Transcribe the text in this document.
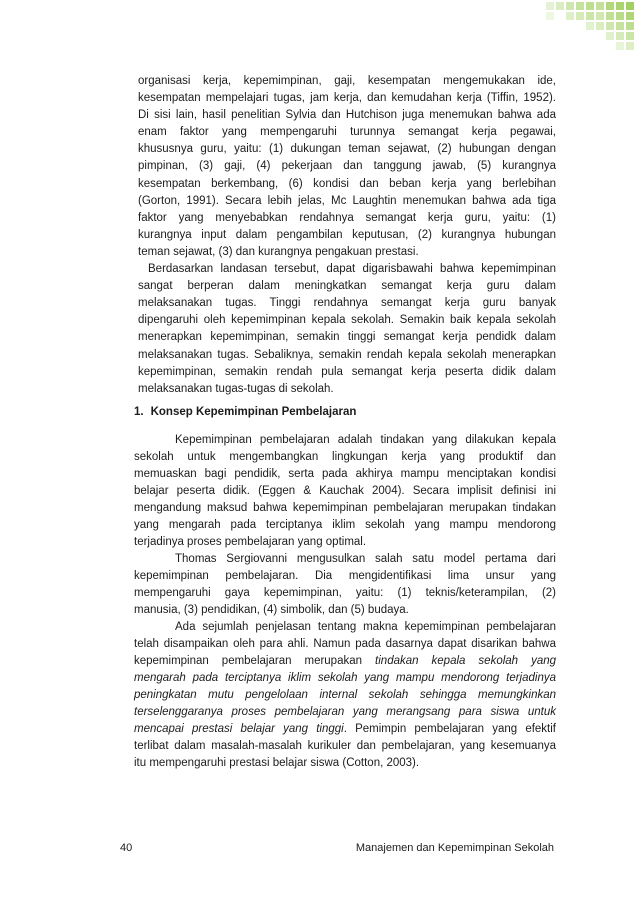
organisasi kerja, kepemimpinan, gaji, kesempatan mengemukakan ide,
kesempatan mempelajari tugas, jam kerja, dan kemudahan kerja (Tiffin, 1952).
Di sisi lain, hasil penelitian Sylvia dan Hutchison juga menemukan bahwa ada
enam faktor yang mempengaruhi turunnya semangat kerja pegawai,
khususnya guru, yaitu: (1) dukungan teman sejawat, (2) hubungan dengan
pimpinan, (3) gaji, (4) pekerjaan dan tanggung jawab, (5) kurangnya
kesempatan berkembang, (6) kondisi dan beban kerja yang berlebihan
(Gorton, 1991). Secara lebih jelas, Mc Laughtin menemukan bahwa ada tiga
faktor yang menyebabkan rendahnya semangat kerja guru, yaitu: (1)
kurangnya input dalam pengambilan keputusan, (2) kurangnya hubungan
teman sejawat, (3) dan kurangnya pengakuan prestasi.
Berdasarkan landasan tersebut, dapat digarisbawahi bahwa kepemimpinan
sangat berperan dalam meningkatkan semangat kerja guru dalam
melaksanakan tugas. Tinggi rendahnya semangat kerja guru banyak
dipengaruhi oleh kepemimpinan kepala sekolah. Semakin baik kepala sekolah
menerapkan kepemimpinan, semakin tinggi semangat kerja pendidk dalam
melaksanakan tugas. Sebaliknya, semakin rendah kepala sekolah menerapkan
kepemimpinan, semakin rendah pula semangat kerja peserta didik dalam
melaksanakan tugas-tugas di sekolah.
1. Konsep Kepemimpinan Pembelajaran
Kepemimpinan pembelajaran adalah tindakan yang dilakukan kepala
sekolah untuk mengembangkan lingkungan kerja yang produktif dan
memuaskan bagi pendidik, serta pada akhirya mampu menciptakan kondisi
belajar peserta didik. (Eggen & Kauchak 2004). Secara implisit definisi ini
mengandung maksud bahwa kepemimpinan pembelajaran merupakan tindakan
yang mengarah pada terciptanya iklim sekolah yang mampu mendorong
terjadinya proses pembelajaran yang optimal.
Thomas Sergiovanni mengusulkan salah satu model pertama dari
kepemimpinan pembelajaran. Dia mengidentifikasi lima unsur yang
mempengaruhi gaya kepemimpinan, yaitu: (1) teknis/keterampilan, (2)
manusia, (3) pendidikan, (4) simbolik, dan (5) budaya.
Ada sejumlah penjelasan tentang makna kepemimpinan pembelajaran
telah disampaikan oleh para ahli. Namun pada dasarnya dapat disarikan bahwa
kepemimpinan pembelajaran merupakan tindakan kepala sekolah yang
mengarah pada terciptanya iklim sekolah yang mampu mendorong terjadinya
peningkatan mutu pengelolaan internal sekolah sehingga memungkinkan
terselenggaranya proses pembelajaran yang merangsang para siswa untuk
mencapai prestasi belajar yang tinggi. Pemimpin pembelajaran yang efektif
terlibat dalam masalah-masalah kurikuler dan pembelajaran, yang kesemuanya
itu mempengaruhi prestasi belajar siswa (Cotton, 2003).
40	Manajemen dan Kepemimpinan Sekolah
